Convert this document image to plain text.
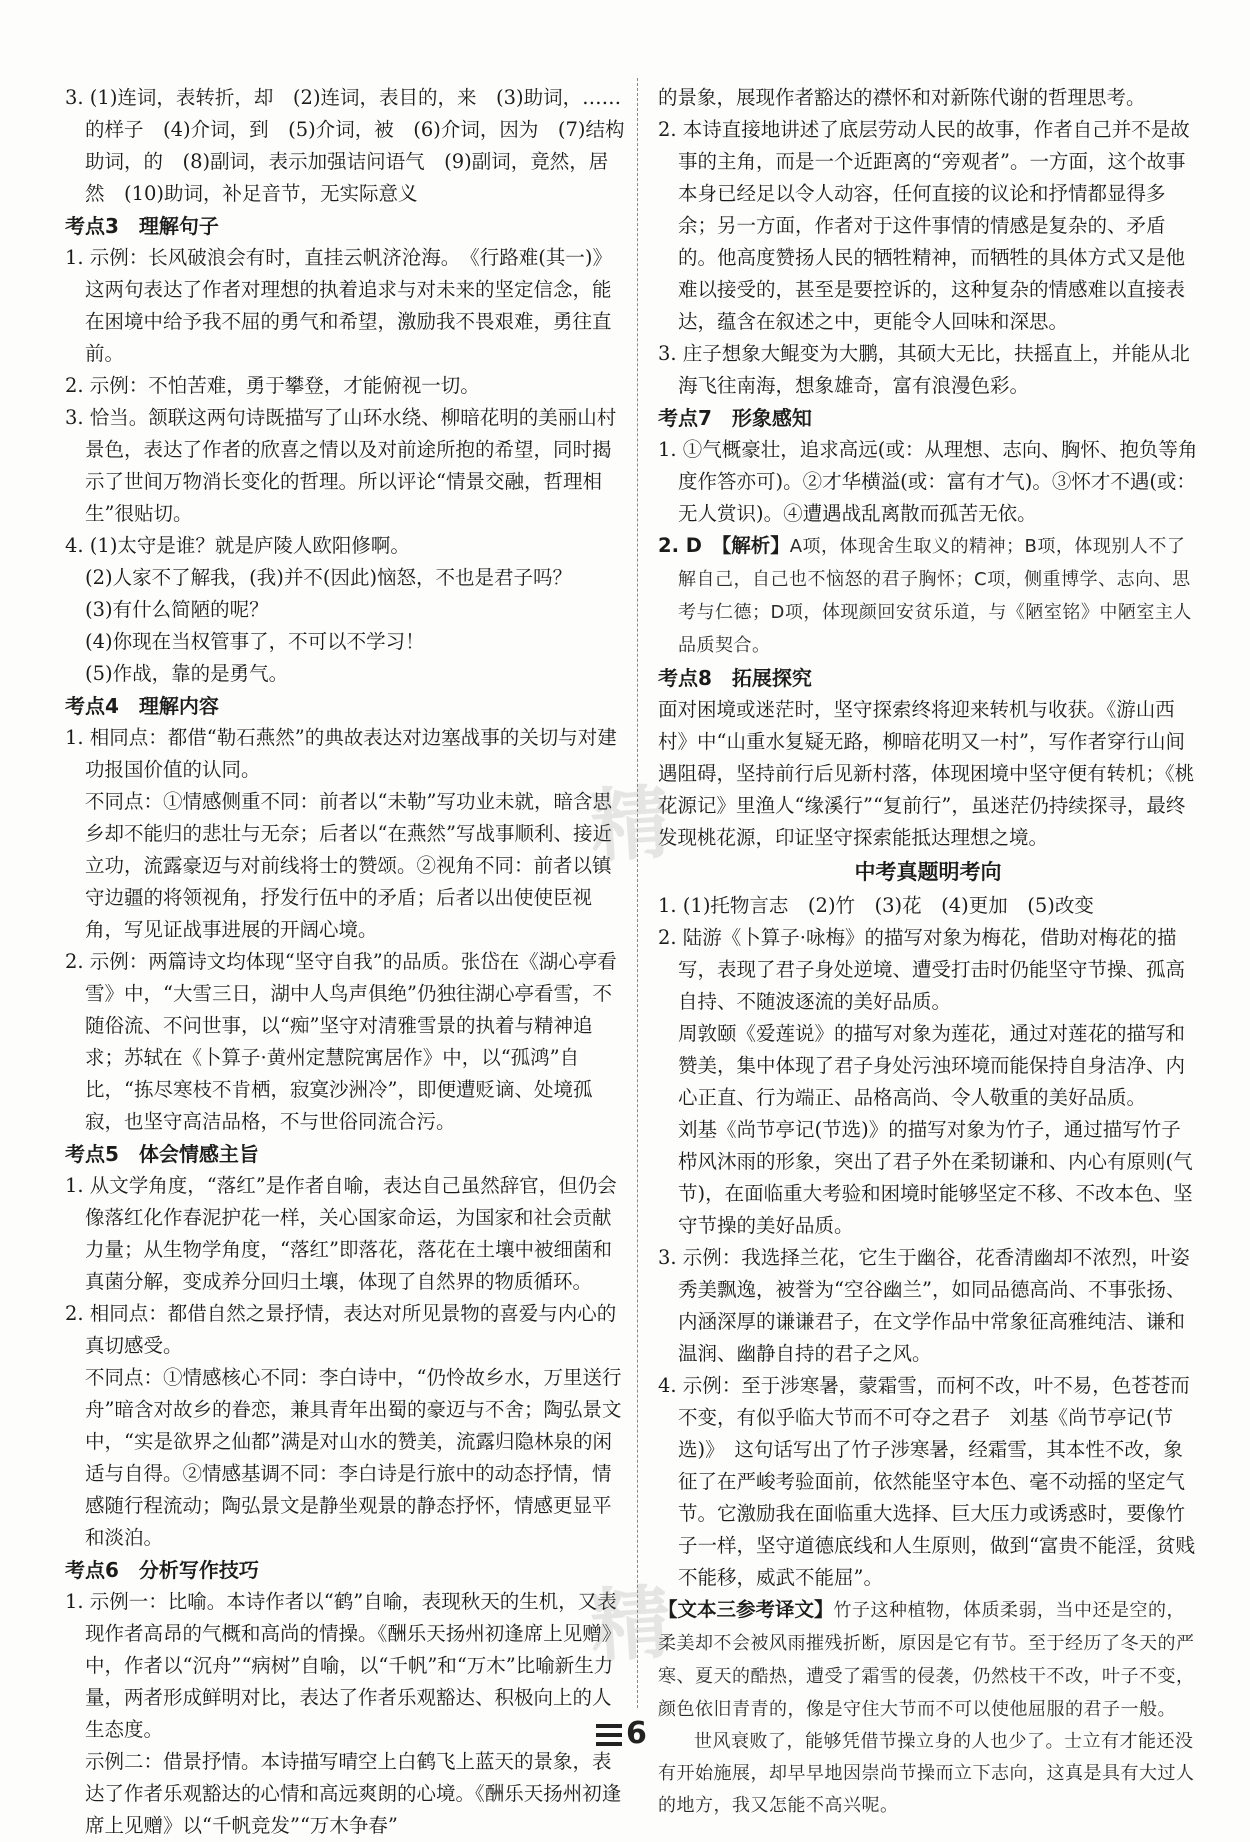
3. (1)连词，表转折，却　(2)连词，表目的，来　(3)助词，……的样子　(4)介词，到　(5)介词，被　(6)介词，因为　(7)结构助词，的　(8)副词，表示加强诘问语气　(9)副词，竟然，居然　(10)助词，补足音节，无实际意义

考点3　理解句子

1. 示例：长风破浪会有时，直挂云帆济沧海。　《行路难(其一)》　这两句表达了作者对理想的执着追求与对未来的坚定信念，能在困境中给予我不屈的勇气和希望，激励我不畏艰难，勇往直前。

2. 示例：不怕苦难，勇于攀登，才能俯视一切。

3. 恰当。颔联这两句诗既描写了山环水绕、柳暗花明的美丽山村景色，表达了作者的欣喜之情以及对前途所抱的希望，同时揭示了世间万物消长变化的哲理。所以评论“情景交融，哲理相生”很贴切。

4. (1)太守是谁？就是庐陵人欧阳修啊。

(2)人家不了解我，(我)并不(因此)恼怒，不也是君子吗？

(3)有什么简陋的呢？

(4)你现在当权管事了，不可以不学习！

(5)作战，靠的是勇气。

考点4　理解内容

1. 相同点：都借“勒石燕然”的典故表达对边塞战事的关切与对建功报国价值的认同。

不同点：①情感侧重不同：前者以“未勒”写功业未就，暗含思乡却不能归的悲壮与无奈；后者以“在燕然”写战事顺利、接近立功，流露豪迈与对前线将士的赞颂。②视角不同：前者以镇守边疆的将领视角，抒发行伍中的矛盾；后者以出使使臣视角，写见证战事进展的开阔心境。

2. 示例：两篇诗文均体现“坚守自我”的品质。张岱在《湖心亭看雪》中，“大雪三日，湖中人鸟声俱绝”仍独往湖心亭看雪，不随俗流、不问世事，以“痴”坚守对清雅雪景的执着与精神追求；苏轼在《卜算子·黄州定慧院寓居作》中，以“孤鸿”自比，“拣尽寒枝不肯栖，寂寞沙洲冷”，即便遭贬谪、处境孤寂，也坚守高洁品格，不与世俗同流合污。

考点5　体会情感主旨

1. 从文学角度，“落红”是作者自喻，表达自己虽然辞官，但仍会像落红化作春泥护花一样，关心国家命运，为国家和社会贡献力量；从生物学角度，“落红”即落花，落花在土壤中被细菌和真菌分解，变成养分回归土壤，体现了自然界的物质循环。

2. 相同点：都借自然之景抒情，表达对所见景物的喜爱与内心的真切感受。

不同点：①情感核心不同：李白诗中，“仍怜故乡水，万里送行舟”暗含对故乡的眷恋，兼具青年出蜀的豪迈与不舍；陶弘景文中，“实是欲界之仙都”满是对山水的赞美，流露归隐林泉的闲适与自得。②情感基调不同：李白诗是行旅中的动态抒情，情感随行程流动；陶弘景文是静坐观景的静态抒怀，情感更显平和淡泊。

考点6　分析写作技巧

1. 示例一：比喻。本诗作者以“鹤”自喻，表现秋天的生机，又表现作者高昂的气概和高尚的情操。《酬乐天扬州初逢席上见赠》中，作者以“沉舟”“病树”自喻，以“千帆”和“万木”比喻新生力量，两者形成鲜明对比，表达了作者乐观豁达、积极向上的人生态度。

示例二：借景抒情。本诗描写晴空上白鹤飞上蓝天的景象，表达了作者乐观豁达的心情和高远爽朗的心境。《酬乐天扬州初逢席上见赠》以“千帆竞发”“万木争春”

的景象，展现作者豁达的襟怀和对新陈代谢的哲理思考。

2. 本诗直接地讲述了底层劳动人民的故事，作者自己并不是故事的主角，而是一个近距离的“旁观者”。一方面，这个故事本身已经足以令人动容，任何直接的议论和抒情都显得多余；另一方面，作者对于这件事情的情感是复杂的、矛盾的。他高度赞扬人民的牺牲精神，而牺牲的具体方式又是他难以接受的，甚至是要控诉的，这种复杂的情感难以直接表达，蕴含在叙述之中，更能令人回味和深思。

3. 庄子想象大鲲变为大鹏，其硕大无比，扶摇直上，并能从北海飞往南海，想象雄奇，富有浪漫色彩。

考点7　形象感知

1. ①气概豪壮，追求高远(或：从理想、志向、胸怀、抱负等角度作答亦可)。②才华横溢(或：富有才气)。③怀才不遇(或：无人赏识)。④遭遇战乱离散而孤苦无依。

2. D　【解析】A项，体现舍生取义的精神；B项，体现别人不了解自己，自己也不恼怒的君子胸怀；C项，侧重博学、志向、思考与仁德；D项，体现颜回安贫乐道，与《陋室铭》中陋室主人品质契合。

考点8　拓展探究

面对困境或迷茫时，坚守探索终将迎来转机与收获。《游山西村》中“山重水复疑无路，柳暗花明又一村”，写作者穿行山间遇阻碍，坚持前行后见新村落，体现困境中坚守便有转机；《桃花源记》里渔人“缘溪行”“复前行”，虽迷茫仍持续探寻，最终发现桃花源，印证坚守探索能抵达理想之境。

中考真题明考向

1. (1)托物言志　(2)竹　(3)花　(4)更加　(5)改变

2. 陆游《卜算子·咏梅》的描写对象为梅花，借助对梅花的描写，表现了君子身处逆境、遭受打击时仍能坚守节操、孤高自持、不随波逐流的美好品质。

周敦颐《爱莲说》的描写对象为莲花，通过对莲花的描写和赞美，集中体现了君子身处污浊环境而能保持自身洁净、内心正直、行为端正、品格高尚、令人敬重的美好品质。

刘基《尚节亭记(节选)》的描写对象为竹子，通过描写竹子栉风沐雨的形象，突出了君子外在柔韧谦和、内心有原则(气节)，在面临重大考验和困境时能够坚定不移、不改本色、坚守节操的美好品质。

3. 示例：我选择兰花，它生于幽谷，花香清幽却不浓烈，叶姿秀美飘逸，被誉为“空谷幽兰”，如同品德高尚、不事张扬、内涵深厚的谦谦君子，在文学作品中常象征高雅纯洁、谦和温润、幽静自持的君子之风。

4. 示例：至于涉寒暑，蒙霜雪，而柯不改，叶不易，色苍苍而不变，有似乎临大节而不可夺之君子　刘基《尚节亭记(节选)》　这句话写出了竹子涉寒暑，经霜雪，其本性不改，象征了在严峻考验面前，依然能坚守本色、毫不动摇的坚定气节。它激励我在面临重大选择、巨大压力或诱惑时，要像竹子一样，坚守道德底线和人生原则，做到“富贵不能淫，贫贱不能移，威武不能屈”。

【文本三参考译文】竹子这种植物，体质柔弱，当中还是空的，柔美却不会被风雨摧残折断，原因是它有节。至于经历了冬天的严寒、夏天的酷热，遭受了霜雪的侵袭，仍然枝干不改，叶子不变，颜色依旧青青的，像是守住大节而不可以使他屈服的君子一般。

世风衰败了，能够凭借节操立身的人也少了。士立有才能还没有开始施展，却早早地因崇尚节操而立下志向，这真是具有大过人的地方，我又怎能不高兴呢。

精
精
6
